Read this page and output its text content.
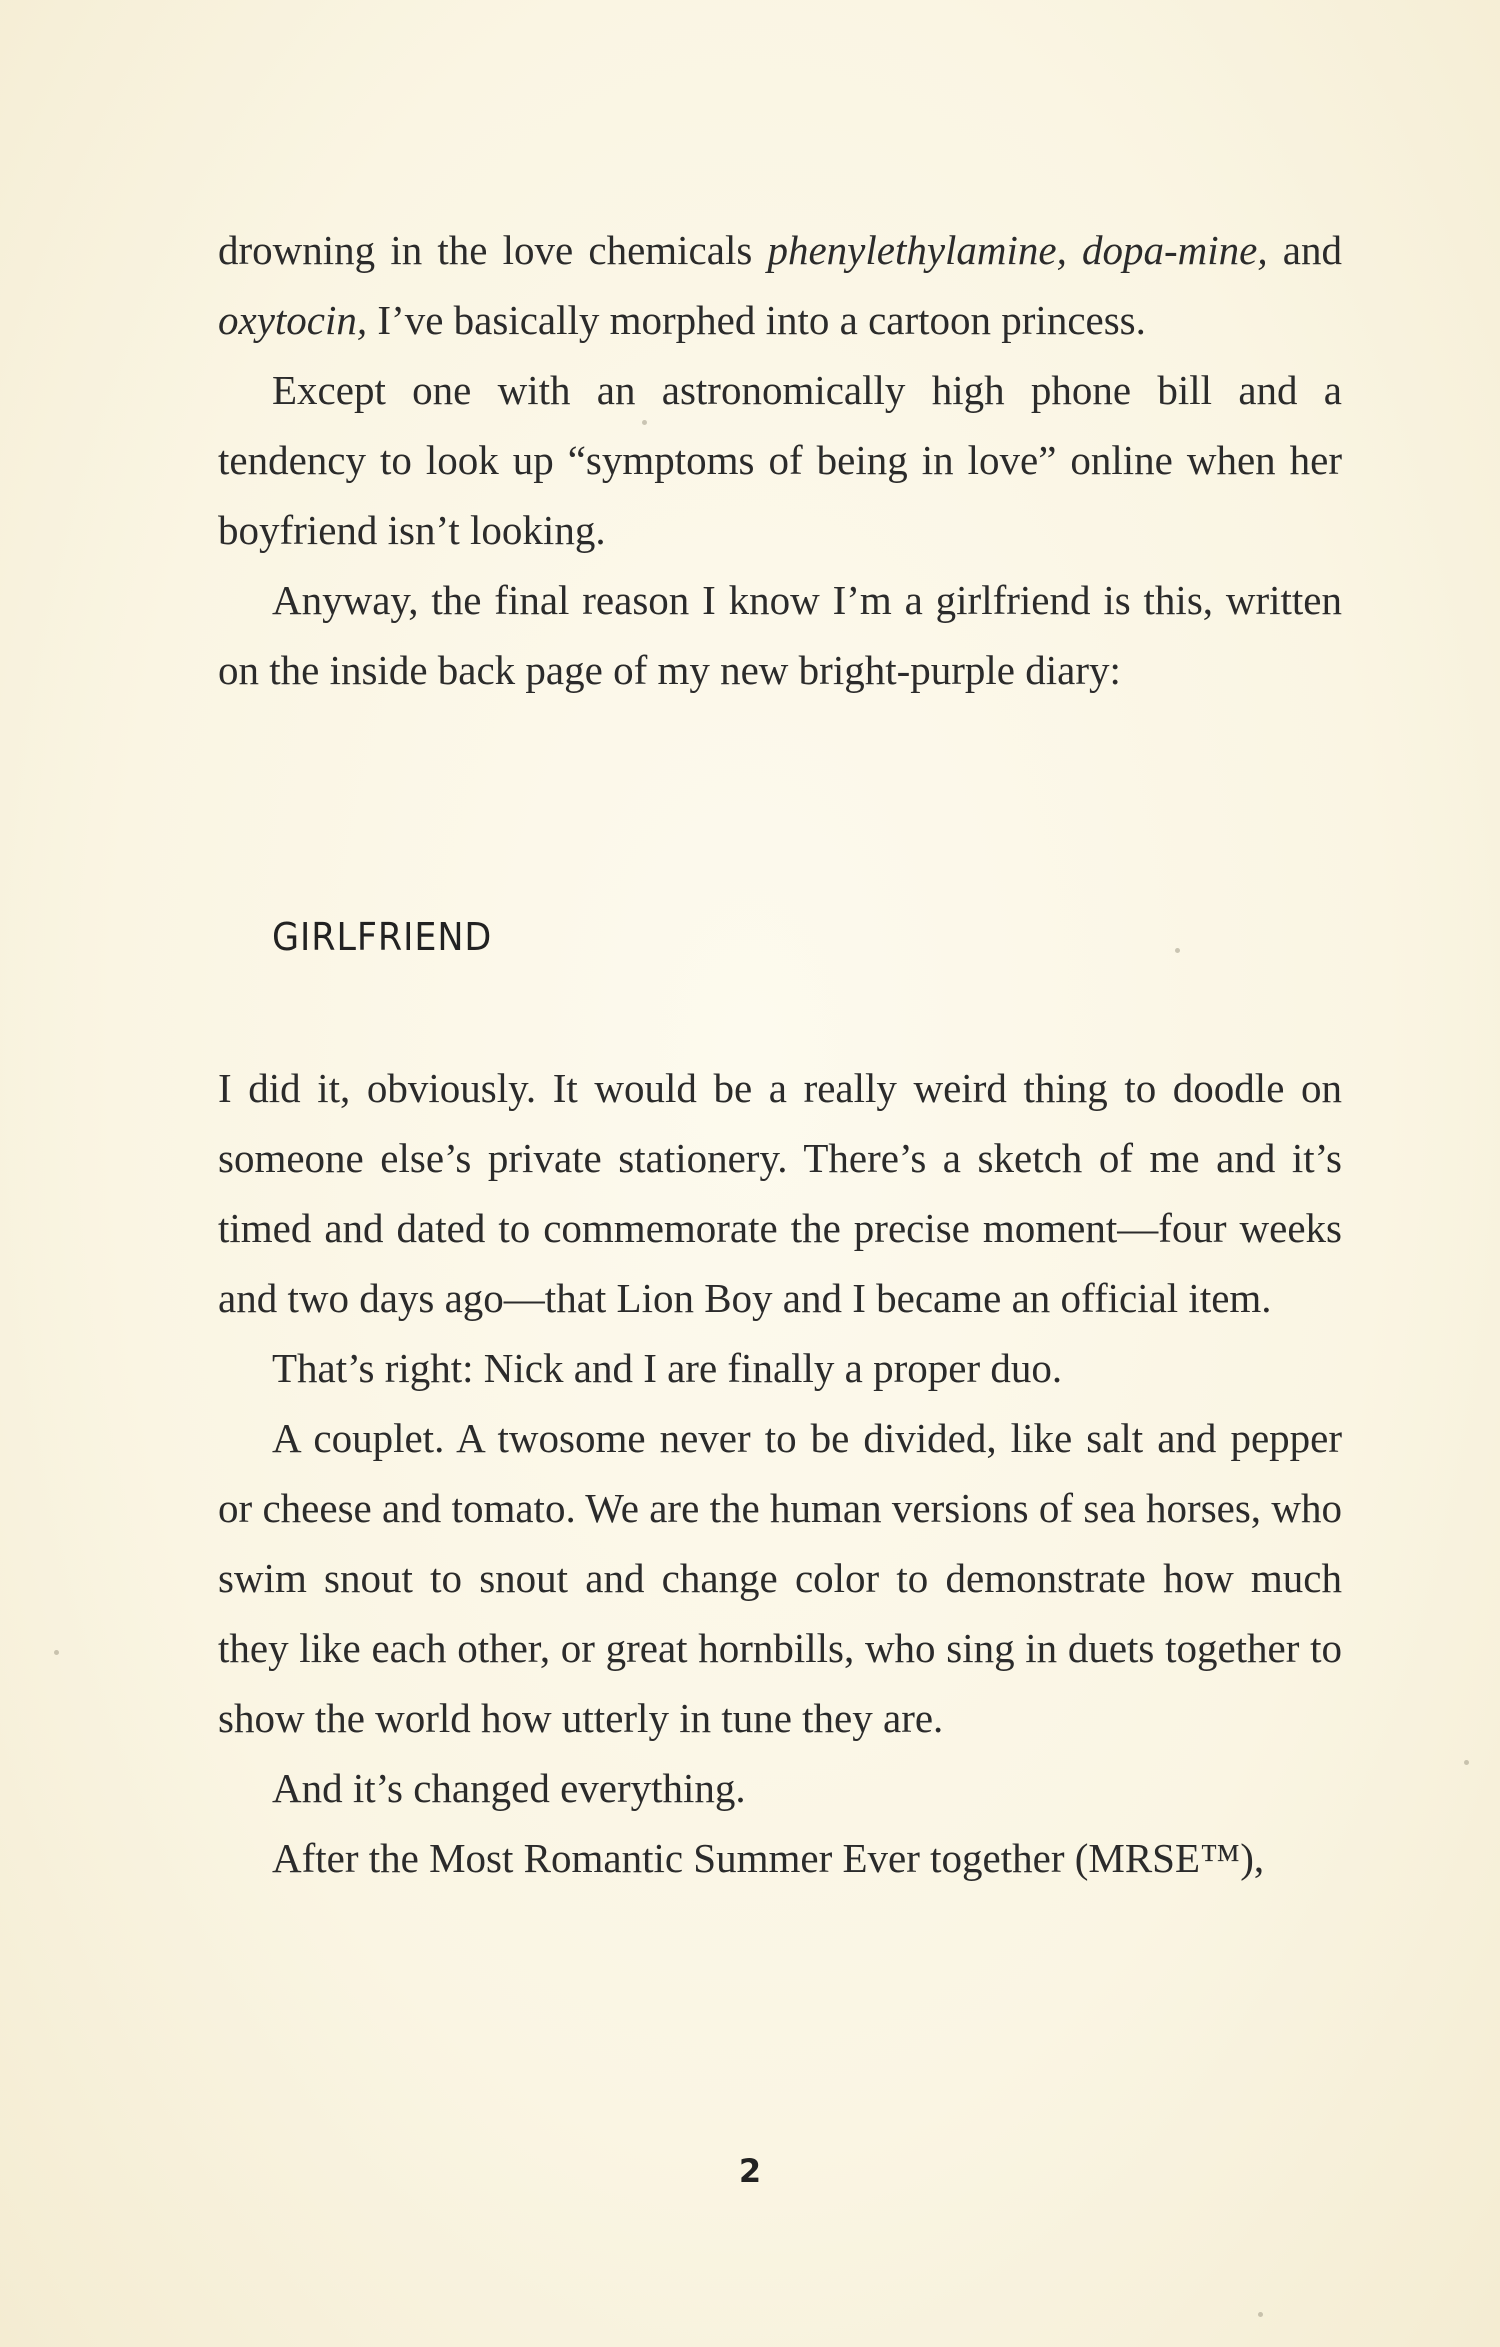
drowning in the love chemicals phenylethylamine, dopa-mine, and oxytocin, I’ve basically morphed into a cartoon princess.

Except one with an astronomically high phone bill and a tendency to look up “symptoms of being in love” online when her boyfriend isn’t looking.

Anyway, the final reason I know I’m a girlfriend is this, written on the inside back page of my new bright-purple diary:

GIRLFRIEND

I did it, obviously. It would be a really weird thing to doodle on someone else’s private stationery. There’s a sketch of me and it’s timed and dated to commemorate the precise moment—four weeks and two days ago—that Lion Boy and I became an official item.

That’s right: Nick and I are finally a proper duo.

A couplet. A twosome never to be divided, like salt and pepper or cheese and tomato. We are the human versions of sea horses, who swim snout to snout and change color to demonstrate how much they like each other, or great hornbills, who sing in duets together to show the world how utterly in tune they are.

And it’s changed everything.

After the Most Romantic Summer Ever together (MRSE™),

2
